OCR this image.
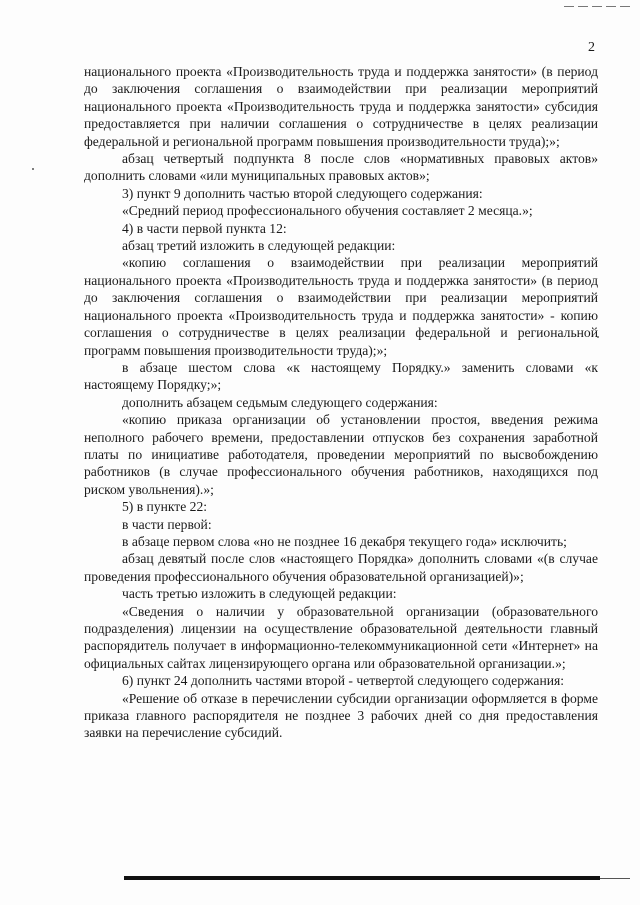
2

национального проекта «Производительность труда и поддержка занятости» (в период до заключения соглашения о взаимодействии при реализации мероприятий национального проекта «Производительность труда и поддержка занятости» субсидия предоставляется при наличии соглашения о сотрудничестве в целях реализации федеральной и региональной программ повышения производительности труда);»;

абзац четвертый подпункта 8 после слов «нормативных правовых актов» дополнить словами «или муниципальных правовых актов»;

3) пункт 9 дополнить частью второй следующего содержания:

«Средний период профессионального обучения составляет 2 месяца.»;

4) в части первой пункта 12:

абзац третий изложить в следующей редакции:

«копию соглашения о взаимодействии при реализации мероприятий национального проекта «Производительность труда и поддержка занятости» (в период до заключения соглашения о взаимодействии при реализации мероприятий национального проекта «Производительность труда и поддержка занятости» - копию соглашения о сотрудничестве в целях реализации федеральной и региональной программ повышения производительности труда);»;

в абзаце шестом слова «к настоящему Порядку.» заменить словами «к настоящему Порядку;»;

дополнить абзацем седьмым следующего содержания:

«копию приказа организации об установлении простоя, введения режима неполного рабочего времени, предоставлении отпусков без сохранения заработной платы по инициативе работодателя, проведении мероприятий по высвобождению работников (в случае профессионального обучения работников, находящихся под риском увольнения).»;

5) в пункте 22:

в части первой:

в абзаце первом слова «но не позднее 16 декабря текущего года» исключить;

абзац девятый после слов «настоящего Порядка» дополнить словами «(в случае проведения профессионального обучения образовательной организацией)»;

часть третью изложить в следующей редакции:

«Сведения о наличии у образовательной организации (образовательного подразделения) лицензии на осуществление образовательной деятельности главный распорядитель получает в информационно-телекоммуникационной сети «Интернет» на официальных сайтах лицензирующего органа или образовательной организации.»;

6) пункт 24 дополнить частями второй - четвертой следующего содержания:

«Решение об отказе в перечислении субсидии организации оформляется в форме приказа главного распорядителя не позднее 3 рабочих дней со дня предоставления заявки на перечисление субсидий.
